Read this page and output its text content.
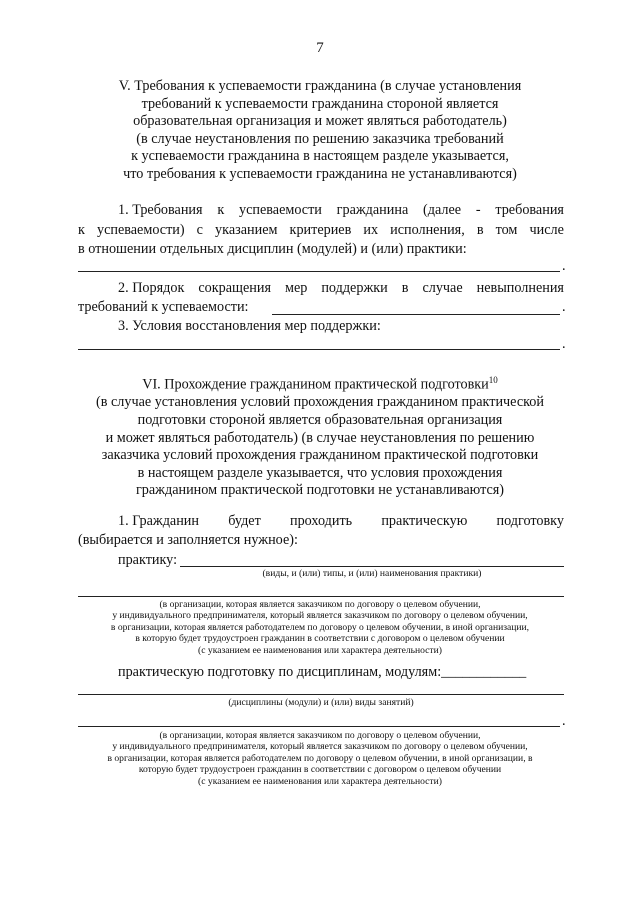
7
V. Требования к успеваемости гражданина (в случае установления
требований к успеваемости гражданина стороной является
образовательная организация и может являться работодатель)
(в случае неустановления по решению заказчика требований
к успеваемости гражданина в настоящем разделе указывается,
что требования к успеваемости гражданина не устанавливаются)
1. Требования к успеваемости гражданина (далее - требования
к успеваемости) с указанием критериев их исполнения, в том числе
в отношении отдельных дисциплин (модулей) и (или) практики:
.
2. Порядок сокращения мер поддержки в случае невыполнения
требований к успеваемости:	.
3. Условия восстановления мер поддержки:
.
VI. Прохождение гражданином практической подготовки$^{10}$
(в случае установления условий прохождения гражданином практической
подготовки стороной является образовательная организация
и может являться работодатель) (в случае неустановления по решению
заказчика условий прохождения гражданином практической подготовки
в настоящем разделе указывается, что условия прохождения
гражданином практической подготовки не устанавливаются)
1. Гражданин будет проходить практическую подготовку
(выбирается и заполняется нужное):
практику:
(виды, и (или) типы, и (или) наименования практики)
(в организации, которая является заказчиком по договору о целевом обучении,
у индивидуального предпринимателя, который является заказчиком по договору о целевом обучении,
в организации, которая является работодателем по договору о целевом обучении, в иной организации,
в которую будет трудоустроен гражданин в соответствии с договором о целевом обучении
(с указанием ее наименования или характера деятельности)
практическую подготовку по дисциплинам, модулям:____________
(дисциплины (модули) и (или) виды занятий)
.
(в организации, которая является заказчиком по договору о целевом обучении,
у индивидуального предпринимателя, который является заказчиком по договору о целевом обучении,
в организации, которая является работодателем по договору о целевом обучении, в иной организации, в
которую будет трудоустроен гражданин в соответствии с договором о целевом обучении
(с указанием ее наименования или характера деятельности)
